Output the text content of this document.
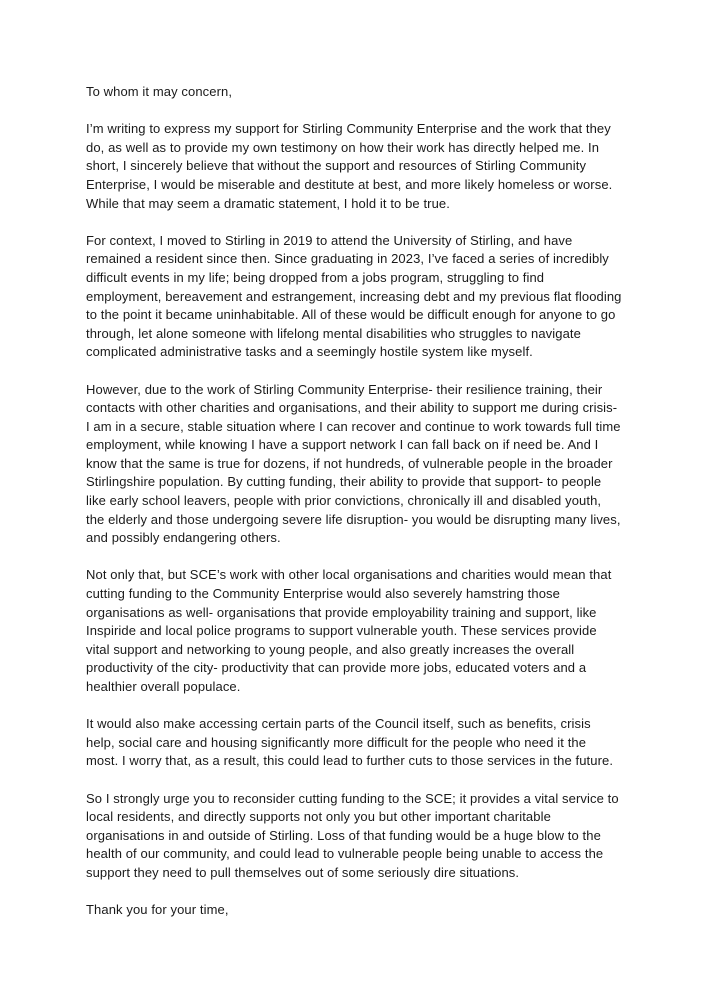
To whom it may concern,

I’m writing to express my support for Stirling Community Enterprise and the work that they do, as well as to provide my own testimony on how their work has directly helped me. In short, I sincerely believe that without the support and resources of Stirling Community Enterprise, I would be miserable and destitute at best, and more likely homeless or worse. While that may seem a dramatic statement, I hold it to be true.

For context, I moved to Stirling in 2019 to attend the University of Stirling, and have remained a resident since then. Since graduating in 2023, I’ve faced a series of incredibly difficult events in my life; being dropped from a jobs program, struggling to find employment, bereavement and estrangement, increasing debt and my previous flat flooding to the point it became uninhabitable. All of these would be difficult enough for anyone to go through, let alone someone with lifelong mental disabilities who struggles to navigate complicated administrative tasks and a seemingly hostile system like myself.

However, due to the work of Stirling Community Enterprise- their resilience training, their contacts with other charities and organisations, and their ability to support me during crisis- I am in a secure, stable situation where I can recover and continue to work towards full time employment, while knowing I have a support network I can fall back on if need be. And I know that the same is true for dozens, if not hundreds, of vulnerable people in the broader Stirlingshire population. By cutting funding, their ability to provide that support- to people like early school leavers, people with prior convictions, chronically ill and disabled youth, the elderly and those undergoing severe life disruption- you would be disrupting many lives, and possibly endangering others.

Not only that, but SCE’s work with other local organisations and charities would mean that cutting funding to the Community Enterprise would also severely hamstring those organisations as well- organisations that provide employability training and support, like Inspiride and local police programs to support vulnerable youth. These services provide vital support and networking to young people, and also greatly increases the overall productivity of the city- productivity that can provide more jobs, educated voters and a healthier overall populace.

It would also make accessing certain parts of the Council itself, such as benefits, crisis help, social care and housing significantly more difficult for the people who need it the most. I worry that, as a result, this could lead to further cuts to those services in the future.

So I strongly urge you to reconsider cutting funding to the SCE; it provides a vital service to local residents, and directly supports not only you but other important charitable organisations in and outside of Stirling. Loss of that funding would be a huge blow to the health of our community, and could lead to vulnerable people being unable to access the support they need to pull themselves out of some seriously dire situations.

Thank you for your time,
